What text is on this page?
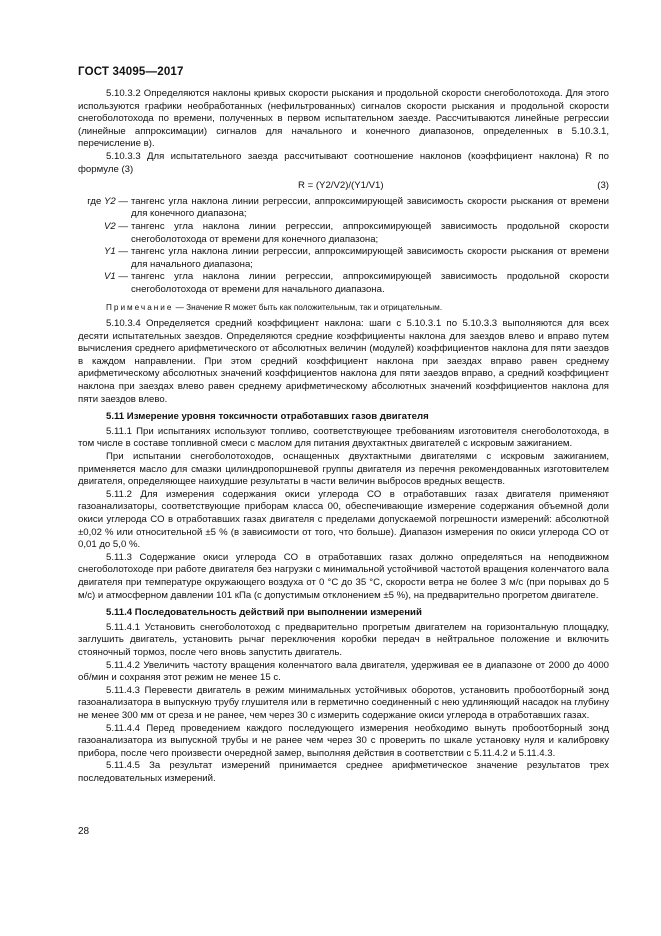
ГОСТ 34095—2017

5.10.3.2 Определяются наклоны кривых скорости рыскания и продольной скорости снегоболотохода. Для этого используются графики необработанных (нефильтрованных) сигналов скорости рыскания и продольной скорости снегоболотохода по времени, полученных в первом испытательном заезде. Рассчитываются линейные регрессии (линейные аппроксимации) сигналов для начального и конечного диапазонов, определенных в 5.10.3.1, перечисление в).

5.10.3.3 Для испытательного заезда рассчитывают соотношение наклонов (коэффициент наклона) R по формуле (3)

R = (Y2/V2)/(Y1/V1)	(3)
где Y2 — тангенс угла наклона линии регрессии, аппроксимирующей зависимость скорости рыскания от времени для конечного диапазона;
V2 — тангенс угла наклона линии регрессии, аппроксимирующей зависимость продольной скорости снегоболотохода от времени для конечного диапазона;
Y1 — тангенс угла наклона линии регрессии, аппроксимирующей зависимость скорости рыскания от времени для начального диапазона;
V1 — тангенс угла наклона линии регрессии, аппроксимирующей зависимость продольной скорости снегоболотохода от времени для начального диапазона.

Примечание — Значение R может быть как положительным, так и отрицательным.

5.10.3.4 Определяется средний коэффициент наклона: шаги с 5.10.3.1 по 5.10.3.3 выполняются для всех десяти испытательных заездов. Определяются средние коэффициенты наклона для заездов влево и вправо путем вычисления среднего арифметического от абсолютных величин (модулей) коэффициентов наклона для пяти заездов в каждом направлении. При этом средний коэффициент наклона при заездах вправо равен среднему арифметическому абсолютных значений коэффициентов наклона для пяти заездов вправо, а средний коэффициент наклона при заездах влево равен среднему арифметическому абсолютных значений коэффициентов наклона для пяти заездов влево.

5.11 Измерение уровня токсичности отработавших газов двигателя

5.11.1 При испытаниях используют топливо, соответствующее требованиям изготовителя снегоболотохода, в том числе в составе топливной смеси с маслом для питания двухтактных двигателей с искровым зажиганием.

При испытании снегоболотоходов, оснащенных двухтактными двигателями с искровым зажиганием, применяется масло для смазки цилиндропоршневой группы двигателя из перечня рекомендованных изготовителем двигателя, определяющее наихудшие результаты в части величин выбросов вредных веществ.

5.11.2 Для измерения содержания окиси углерода CO в отработавших газах двигателя применяют газоанализаторы, соответствующие приборам класса 00, обеспечивающие измерение содержания объемной доли окиси углерода CO в отработавших газах двигателя с пределами допускаемой погрешности измерений: абсолютной ±0,02 % или относительной ±5 % (в зависимости от того, что больше). Диапазон измерения по окиси углерода CO от 0,01 до 5,0 %.

5.11.3 Содержание окиси углерода CO в отработавших газах должно определяться на неподвижном снегоболотоходе при работе двигателя без нагрузки с минимальной устойчивой частотой вращения коленчатого вала двигателя при температуре окружающего воздуха от 0 °С до 35 °С, скорости ветра не более 3 м/с (при порывах до 5 м/с) и атмосферном давлении 101 кПа (с допустимым отклонением ±5 %), на предварительно прогретом двигателе.

5.11.4 Последовательность действий при выполнении измерений

5.11.4.1 Установить снегоболотоход с предварительно прогретым двигателем на горизонтальную площадку, заглушить двигатель, установить рычаг переключения коробки передач в нейтральное положение и включить стояночный тормоз, после чего вновь запустить двигатель.

5.11.4.2 Увеличить частоту вращения коленчатого вала двигателя, удерживая ее в диапазоне от 2000 до 4000 об/мин и сохраняя этот режим не менее 15 с.

5.11.4.3 Перевести двигатель в режим минимальных устойчивых оборотов, установить пробоотборный зонд газоанализатора в выпускную трубу глушителя или в герметично соединенный с нею удлиняющий насадок на глубину не менее 300 мм от среза и не ранее, чем через 30 с измерить содержание окиси углерода в отработавших газах.

5.11.4.4 Перед проведением каждого последующего измерения необходимо вынуть пробоотборный зонд газоанализатора из выпускной трубы и не ранее чем через 30 с проверить по шкале установку нуля и калибровку прибора, после чего произвести очередной замер, выполняя действия в соответствии с 5.11.4.2 и 5.11.4.3.

5.11.4.5 За результат измерений принимается среднее арифметическое значение результатов трех последовательных измерений.

28
